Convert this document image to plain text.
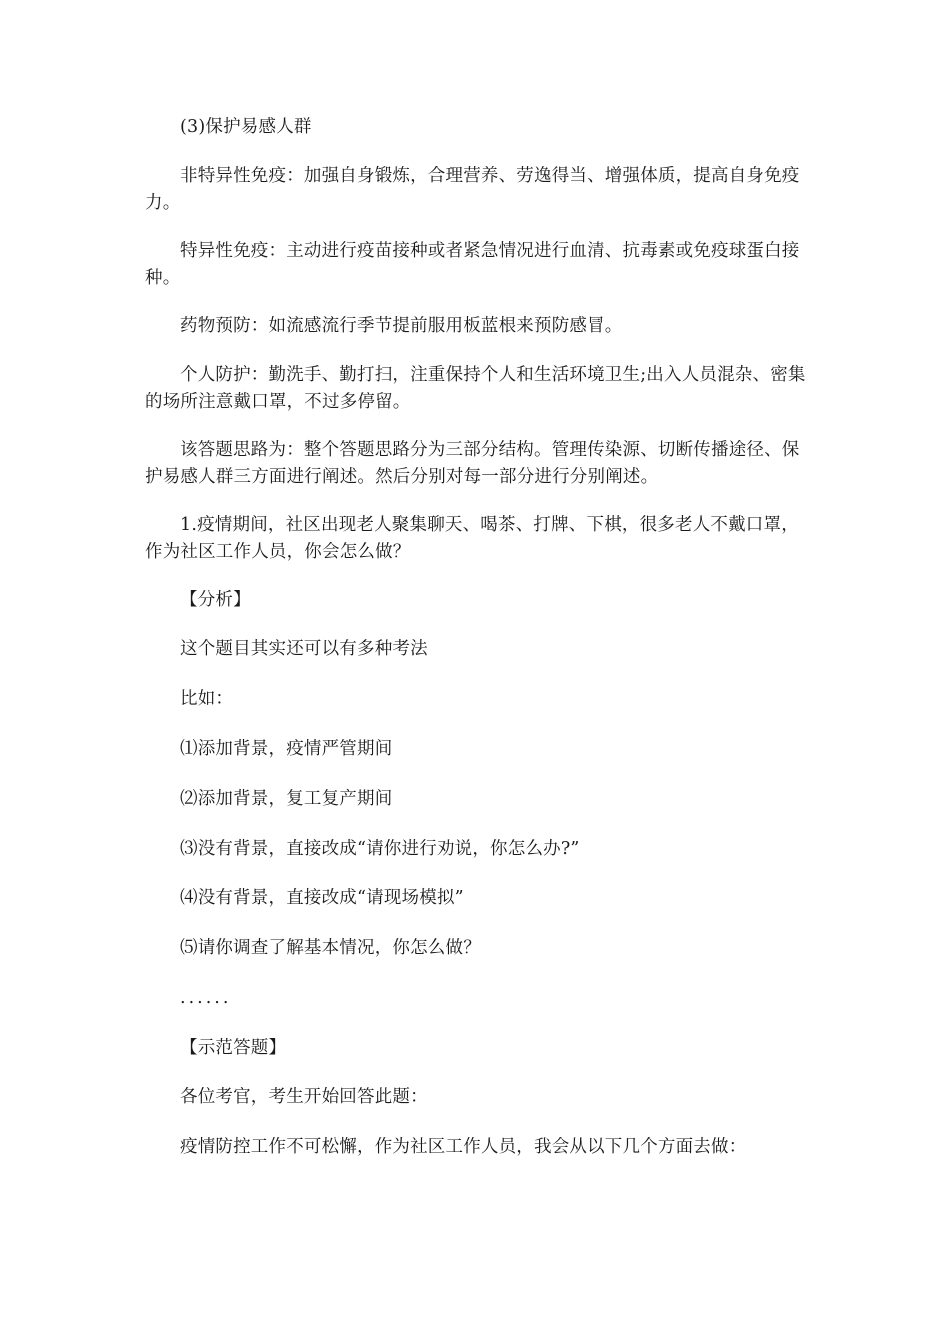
(3)保护易感人群

非特异性免疫：加强自身锻炼，合理营养、劳逸得当、增强体质，提高自身免疫力。

特异性免疫：主动进行疫苗接种或者紧急情况进行血清、抗毒素或免疫球蛋白接种。

药物预防：如流感流行季节提前服用板蓝根来预防感冒。

个人防护：勤洗手、勤打扫，注重保持个人和生活环境卫生;出入人员混杂、密集的场所注意戴口罩，不过多停留。

该答题思路为：整个答题思路分为三部分结构。管理传染源、切断传播途径、保护易感人群三方面进行阐述。然后分别对每一部分进行分别阐述。

1.疫情期间，社区出现老人聚集聊天、喝茶、打牌、下棋，很多老人不戴口罩，作为社区工作人员，你会怎么做？

【分析】

这个题目其实还可以有多种考法

比如：

⑴添加背景，疫情严管期间

⑵添加背景，复工复产期间

⑶没有背景，直接改成“请你进行劝说，你怎么办?”

⑷没有背景，直接改成“请现场模拟”

⑸请你调查了解基本情况，你怎么做？

......

【示范答题】

各位考官，考生开始回答此题：

疫情防控工作不可松懈，作为社区工作人员，我会从以下几个方面去做：
